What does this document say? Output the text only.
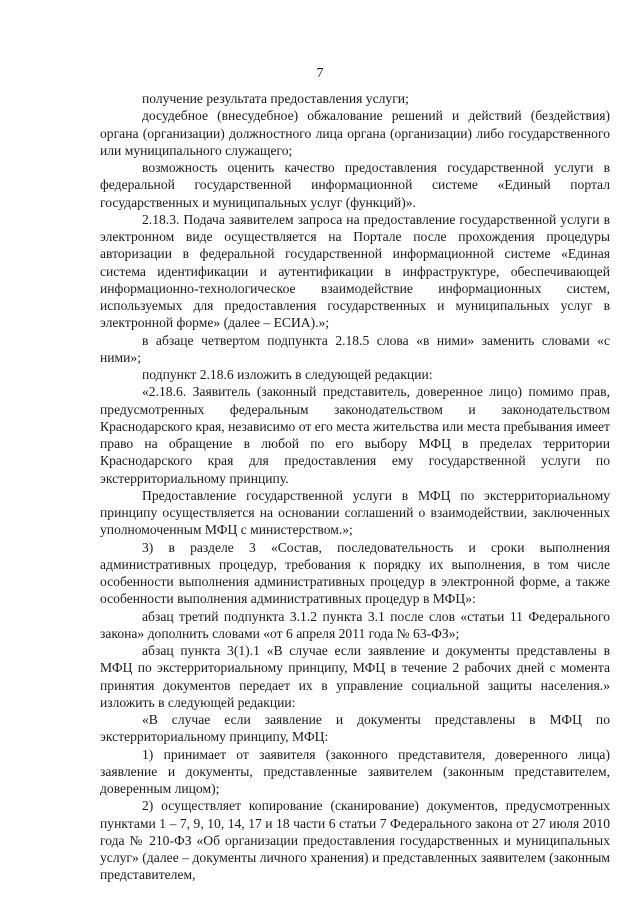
7

получение результата предоставления услуги;

досудебное (внесудебное) обжалование решений и действий (бездействия) органа (организации) должностного лица органа (организации) либо государственного или муниципального служащего;

возможность оценить качество предоставления государственной услуги в федеральной государственной информационной системе «Единый портал государственных и муниципальных услуг (функций)».

2.18.3. Подача заявителем запроса на предоставление государственной услуги в электронном виде осуществляется на Портале после прохождения процедуры авторизации в федеральной государственной информационной системе «Единая система идентификации и аутентификации в инфраструктуре, обеспечивающей информационно-технологическое взаимодействие информационных систем, используемых для предоставления государственных и муниципальных услуг в электронной форме» (далее – ЕСИА).»;

в абзаце четвертом подпункта 2.18.5 слова «в ними» заменить словами «с ними»;

подпункт 2.18.6 изложить в следующей редакции:

«2.18.6. Заявитель (законный представитель, доверенное лицо) помимо прав, предусмотренных федеральным законодательством и законодательством Краснодарского края, независимо от его места жительства или места пребывания имеет право на обращение в любой по его выбору МФЦ в пределах территории Краснодарского края для предоставления ему государственной услуги по экстерриториальному принципу.

Предоставление государственной услуги в МФЦ по экстерриториальному принципу осуществляется на основании соглашений о взаимодействии, заключенных уполномоченным МФЦ с министерством.»;

3) в разделе 3 «Состав, последовательность и сроки выполнения административных процедур, требования к порядку их выполнения, в том числе особенности выполнения административных процедур в электронной форме, а также особенности выполнения административных процедур в МФЦ»:

абзац третий подпункта 3.1.2 пункта 3.1 после слов «статьи 11 Федерального закона» дополнить словами «от 6 апреля 2011 года № 63-ФЗ»;

абзац пункта 3(1).1 «В случае если заявление и документы представлены в МФЦ по экстерриториальному принципу, МФЦ в течение 2 рабочих дней с момента принятия документов передает их в управление социальной защиты населения.» изложить в следующей редакции:

«В случае если заявление и документы представлены в МФЦ по экстерриториальному принципу, МФЦ:

1) принимает от заявителя (законного представителя, доверенного лица) заявление и документы, представленные заявителем (законным представителем, доверенным лицом);

2) осуществляет копирование (сканирование) документов, предусмотренных пунктами 1 – 7, 9, 10, 14, 17 и 18 части 6 статьи 7 Федерального закона от 27 июля 2010 года № 210-ФЗ «Об организации предоставления государственных и муниципальных услуг» (далее – документы личного хранения) и представленных заявителем (законным представителем,
